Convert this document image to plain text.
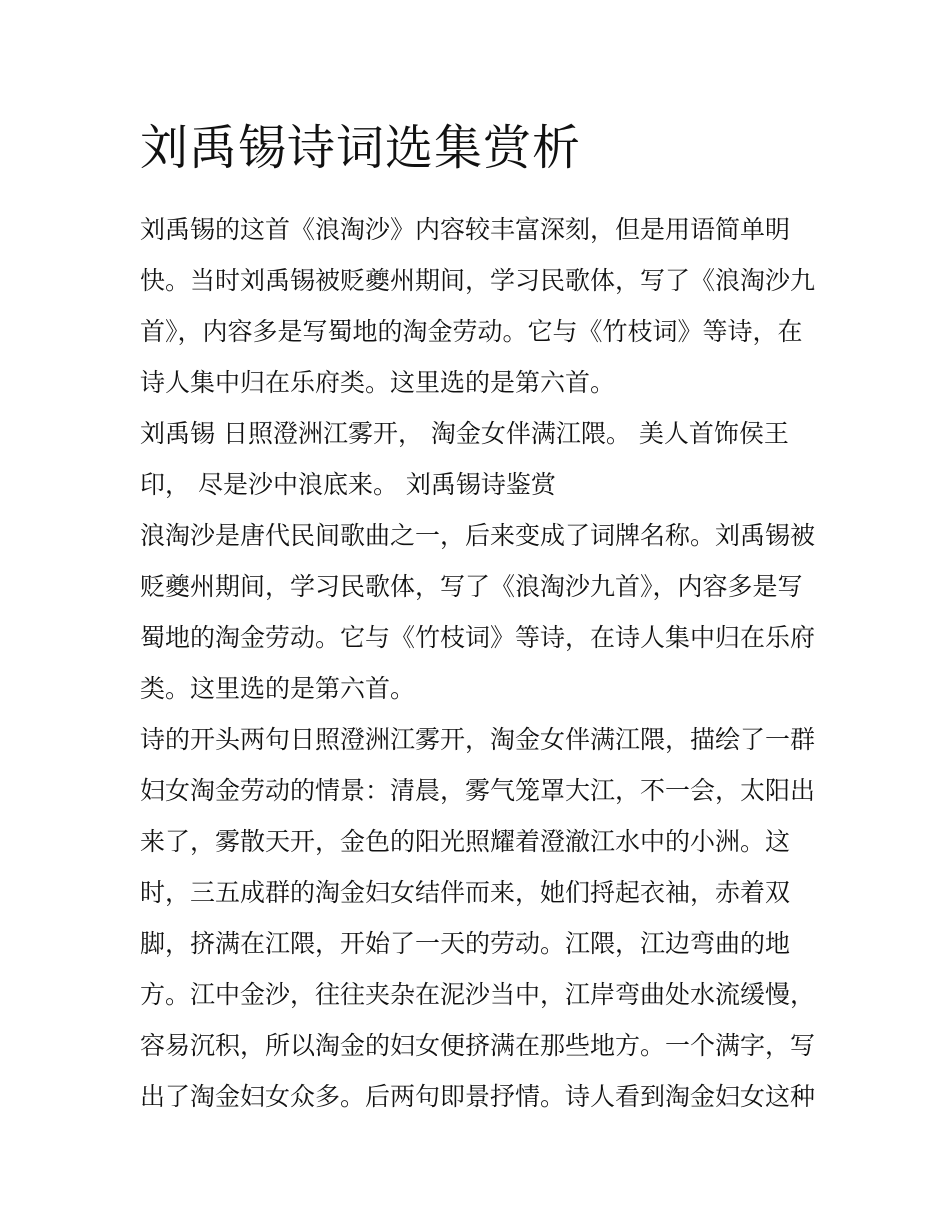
刘禹锡诗词选集赏析

刘禹锡的这首《浪淘沙》内容较丰富深刻，但是用语简单明
快。当时刘禹锡被贬夔州期间，学习民歌体，写了《浪淘沙九
首》，内容多是写蜀地的淘金劳动。它与《竹枝词》等诗，在
诗人集中归在乐府类。这里选的是第六首。

刘禹锡 日照澄洲江雾开， 淘金女伴满江隈。 美人首饰侯王
印， 尽是沙中浪底来。 刘禹锡诗鉴赏

浪淘沙是唐代民间歌曲之一，后来变成了词牌名称。刘禹锡被
贬夔州期间，学习民歌体，写了《浪淘沙九首》，内容多是写
蜀地的淘金劳动。它与《竹枝词》等诗，在诗人集中归在乐府
类。这里选的是第六首。

诗的开头两句日照澄洲江雾开，淘金女伴满江隈，描绘了一群
妇女淘金劳动的情景：清晨，雾气笼罩大江，不一会，太阳出
来了，雾散天开，金色的阳光照耀着澄澈江水中的小洲。这
时，三五成群的淘金妇女结伴而来，她们捋起衣袖，赤着双
脚，挤满在江隈，开始了一天的劳动。江隈，江边弯曲的地
方。江中金沙，往往夹杂在泥沙当中，江岸弯曲处水流缓慢，
容易沉积，所以淘金的妇女便挤满在那些地方。一个满字，写
出了淘金妇女众多。后两句即景抒情。诗人看到淘金妇女这种
